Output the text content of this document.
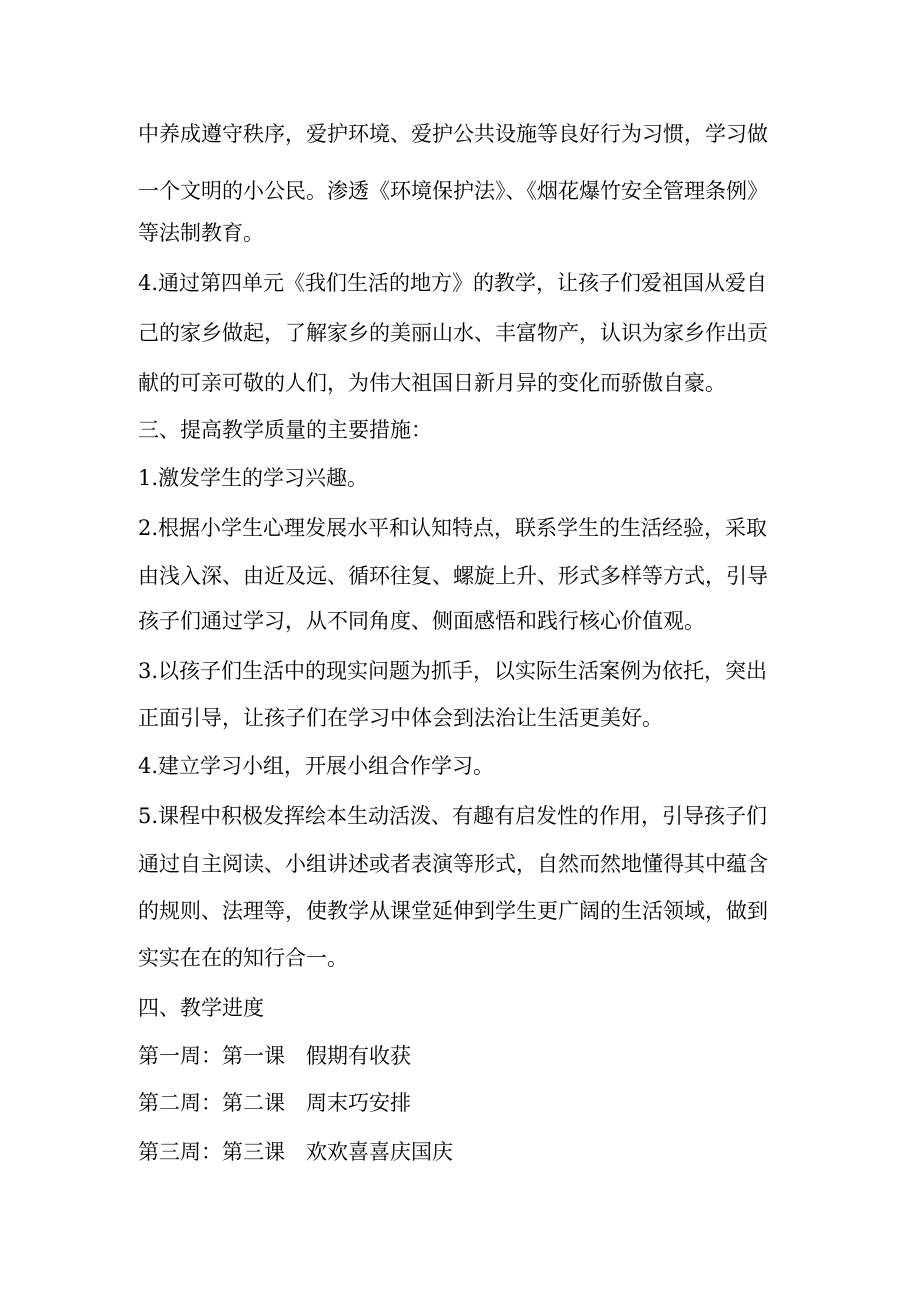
中养成遵守秩序，爱护环境、爱护公共设施等良好行为习惯，学习做
一个文明的小公民。渗透《环境保护法》、《烟花爆竹安全管理条例》
等法制教育。
4.通过第四单元《我们生活的地方》的教学，让孩子们爱祖国从爱自
己的家乡做起，了解家乡的美丽山水、丰富物产，认识为家乡作出贡
献的可亲可敬的人们，为伟大祖国日新月异的变化而骄傲自豪。
三、提高教学质量的主要措施：
1.激发学生的学习兴趣。
2.根据小学生心理发展水平和认知特点，联系学生的生活经验，采取
由浅入深、由近及远、循环往复、螺旋上升、形式多样等方式，引导
孩子们通过学习，从不同角度、侧面感悟和践行核心价值观。
3.以孩子们生活中的现实问题为抓手，以实际生活案例为依托，突出
正面引导，让孩子们在学习中体会到法治让生活更美好。
4.建立学习小组，开展小组合作学习。
5.课程中积极发挥绘本生动活泼、有趣有启发性的作用，引导孩子们
通过自主阅读、小组讲述或者表演等形式，自然而然地懂得其中蕴含
的规则、法理等，使教学从课堂延伸到学生更广阔的生活领域，做到
实实在在的知行合一。
四、教学进度
第一周：第一课　假期有收获
第二周：第二课　周末巧安排
第三周：第三课　欢欢喜喜庆国庆
